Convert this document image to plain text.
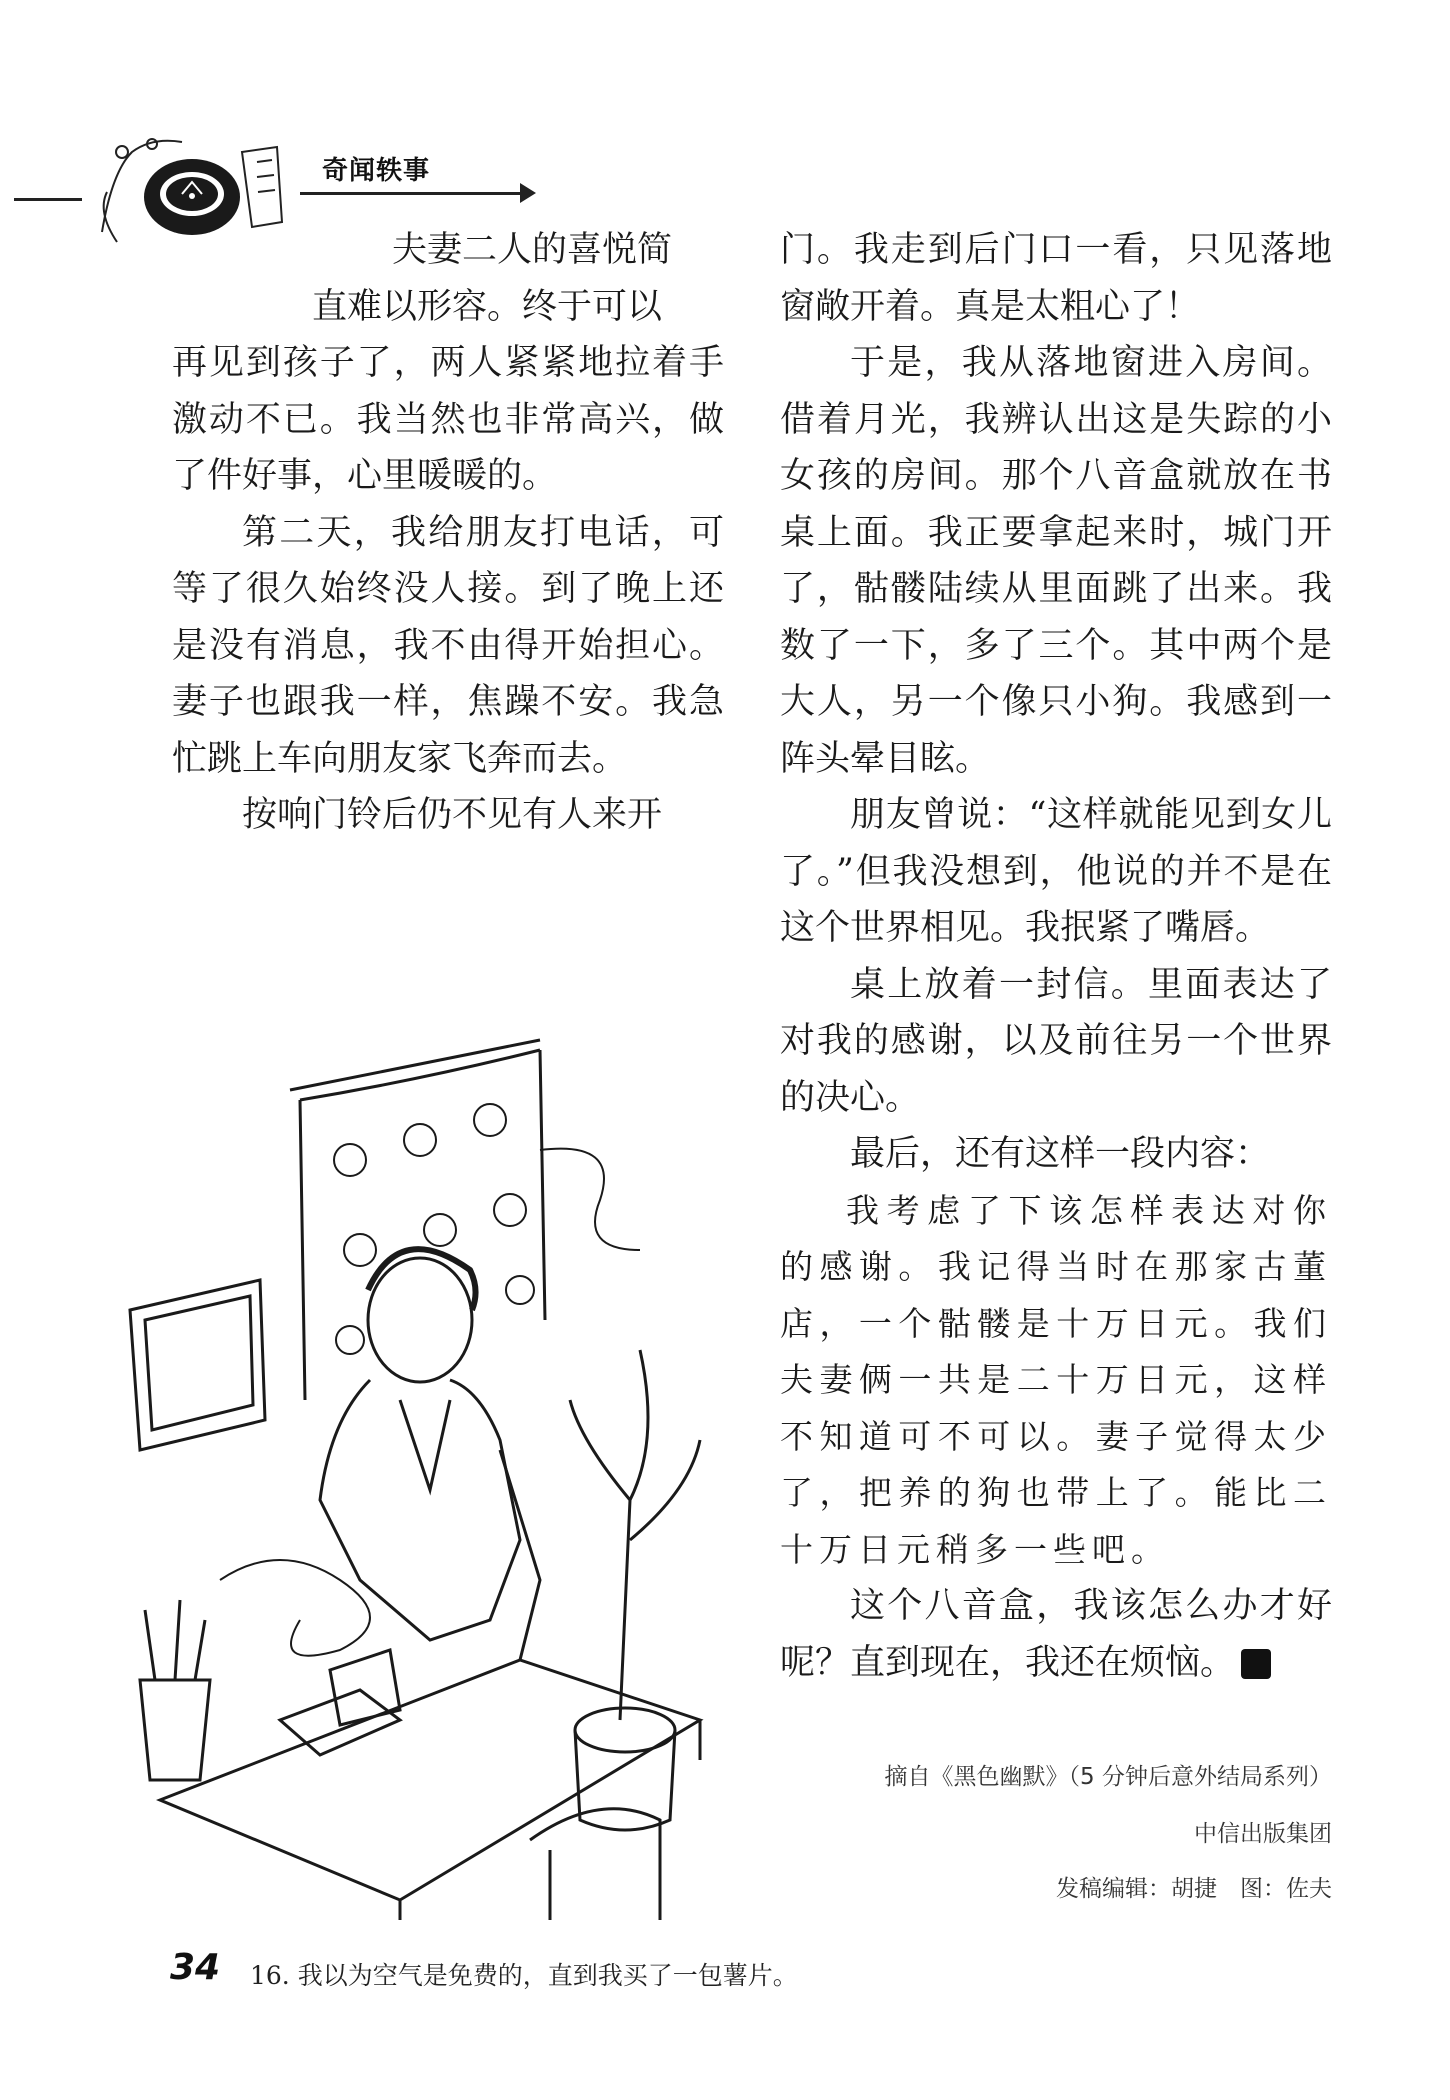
奇闻轶事
夫妻二人的喜悦简
直难以形容。终于可以

再见到孩子了，两人紧紧地拉着手激动不已。我当然也非常高兴，做了件好事，心里暖暖的。

第二天，我给朋友打电话，可等了很久始终没人接。到了晚上还是没有消息，我不由得开始担心。妻子也跟我一样，焦躁不安。我急忙跳上车向朋友家飞奔而去。

按响门铃后仍不见有人来开

门。我走到后门口一看，只见落地窗敞开着。真是太粗心了！

于是，我从落地窗进入房间。借着月光，我辨认出这是失踪的小女孩的房间。那个八音盒就放在书桌上面。我正要拿起来时，城门开了，骷髅陆续从里面跳了出来。我数了一下，多了三个。其中两个是大人，另一个像只小狗。我感到一阵头晕目眩。

朋友曾说：“这样就能见到女儿了。”但我没想到，他说的并不是在这个世界相见。我抿紧了嘴唇。

桌上放着一封信。里面表达了对我的感谢，以及前往另一个世界的决心。

最后，还有这样一段内容：

我考虑了下该怎样表达对你的感谢。我记得当时在那家古董店，一个骷髅是十万日元。我们夫妻俩一共是二十万日元，这样不知道可不可以。妻子觉得太少了，把养的狗也带上了。能比二十万日元稍多一些吧。

这个八音盒，我该怎么办才好呢？直到现在，我还在烦恼。	全

摘自《黑色幽默》（5 分钟后意外结局系列）
中信出版集团
发稿编辑：胡捷　图：佐夫
34 16. 我以为空气是免费的，直到我买了一包薯片。
